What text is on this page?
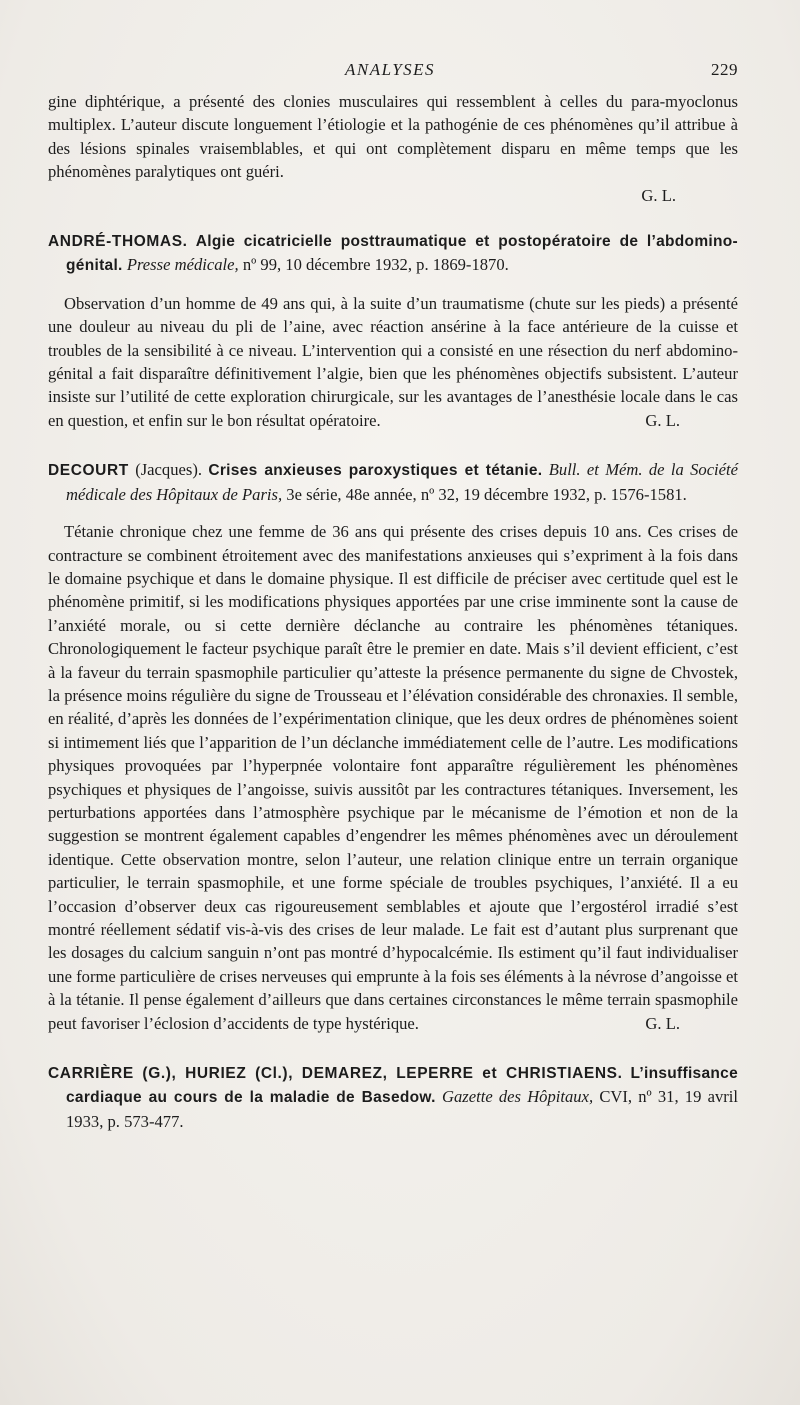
ANALYSES	229

gine diphtérique, a présenté des clonies musculaires qui ressemblent à celles du para-myoclonus multiplex. L’auteur discute longuement l’étiologie et la pathogénie de ces phénomènes qu’il attribue à des lésions spinales vraisemblables, et qui ont complètement disparu en même temps que les phénomènes paralytiques ont guéri.

G. L.

ANDRÉ-THOMAS. Algie cicatricielle posttraumatique et postopératoire de l’abdomino-génital. Presse médicale, nº 99, 10 décembre 1932, p. 1869-1870.

Observation d’un homme de 49 ans qui, à la suite d’un traumatisme (chute sur les pieds) a présenté une douleur au niveau du pli de l’aine, avec réaction ansérine à la face antérieure de la cuisse et troubles de la sensibilité à ce niveau. L’intervention qui a consisté en une résection du nerf abdomino-génital a fait disparaître définitivement l’algie, bien que les phénomènes objectifs subsistent. L’auteur insiste sur l’utilité de cette exploration chirurgicale, sur les avantages de l’anesthésie locale dans le cas en question, et enfin sur le bon résultat opératoire.	G. L.

DECOURT (Jacques). Crises anxieuses paroxystiques et tétanie. Bull. et Mém. de la Société médicale des Hôpitaux de Paris, 3e série, 48e année, nº 32, 19 décembre 1932, p. 1576-1581.

Tétanie chronique chez une femme de 36 ans qui présente des crises depuis 10 ans. Ces crises de contracture se combinent étroitement avec des manifestations anxieuses qui s’expriment à la fois dans le domaine psychique et dans le domaine physique. Il est difficile de préciser avec certitude quel est le phénomène primitif, si les modifications physiques apportées par une crise imminente sont la cause de l’anxiété morale, ou si cette dernière déclanche au contraire les phénomènes tétaniques. Chronologiquement le facteur psychique paraît être le premier en date. Mais s’il devient efficient, c’est à la faveur du terrain spasmophile particulier qu’atteste la présence permanente du signe de Chvostek, la présence moins régulière du signe de Trousseau et l’élévation considérable des chronaxies. Il semble, en réalité, d’après les données de l’expérimentation clinique, que les deux ordres de phénomènes soient si intimement liés que l’apparition de l’un déclanche immédiatement celle de l’autre. Les modifications physiques provoquées par l’hyperpnée volontaire font apparaître régulièrement les phénomènes psychiques et physiques de l’angoisse, suivis aussitôt par les contractures tétaniques. Inversement, les perturbations apportées dans l’atmosphère psychique par le mécanisme de l’émotion et non de la suggestion se montrent également capables d’engendrer les mêmes phénomènes avec un déroulement identique. Cette observation montre, selon l’auteur, une relation clinique entre un terrain organique particulier, le terrain spasmophile, et une forme spéciale de troubles psychiques, l’anxiété. Il a eu l’occasion d’observer deux cas rigoureusement semblables et ajoute que l’ergostérol irradié s’est montré réellement sédatif vis-à-vis des crises de leur malade. Le fait est d’autant plus surprenant que les dosages du calcium sanguin n’ont pas montré d’hypocalcémie. Ils estiment qu’il faut individualiser une forme particulière de crises nerveuses qui emprunte à la fois ses éléments à la névrose d’angoisse et à la tétanie. Il pense également d’ailleurs que dans certaines circonstances le même terrain spasmophile peut favoriser l’éclosion d’accidents de type hystérique.	G. L.

CARRIÈRE (G.), HURIEZ (Cl.), DEMAREZ, LEPERRE et CHRISTIAENS. L’insuffisance cardiaque au cours de la maladie de Basedow. Gazette des Hôpitaux, CVI, nº 31, 19 avril 1933, p. 573-477.
